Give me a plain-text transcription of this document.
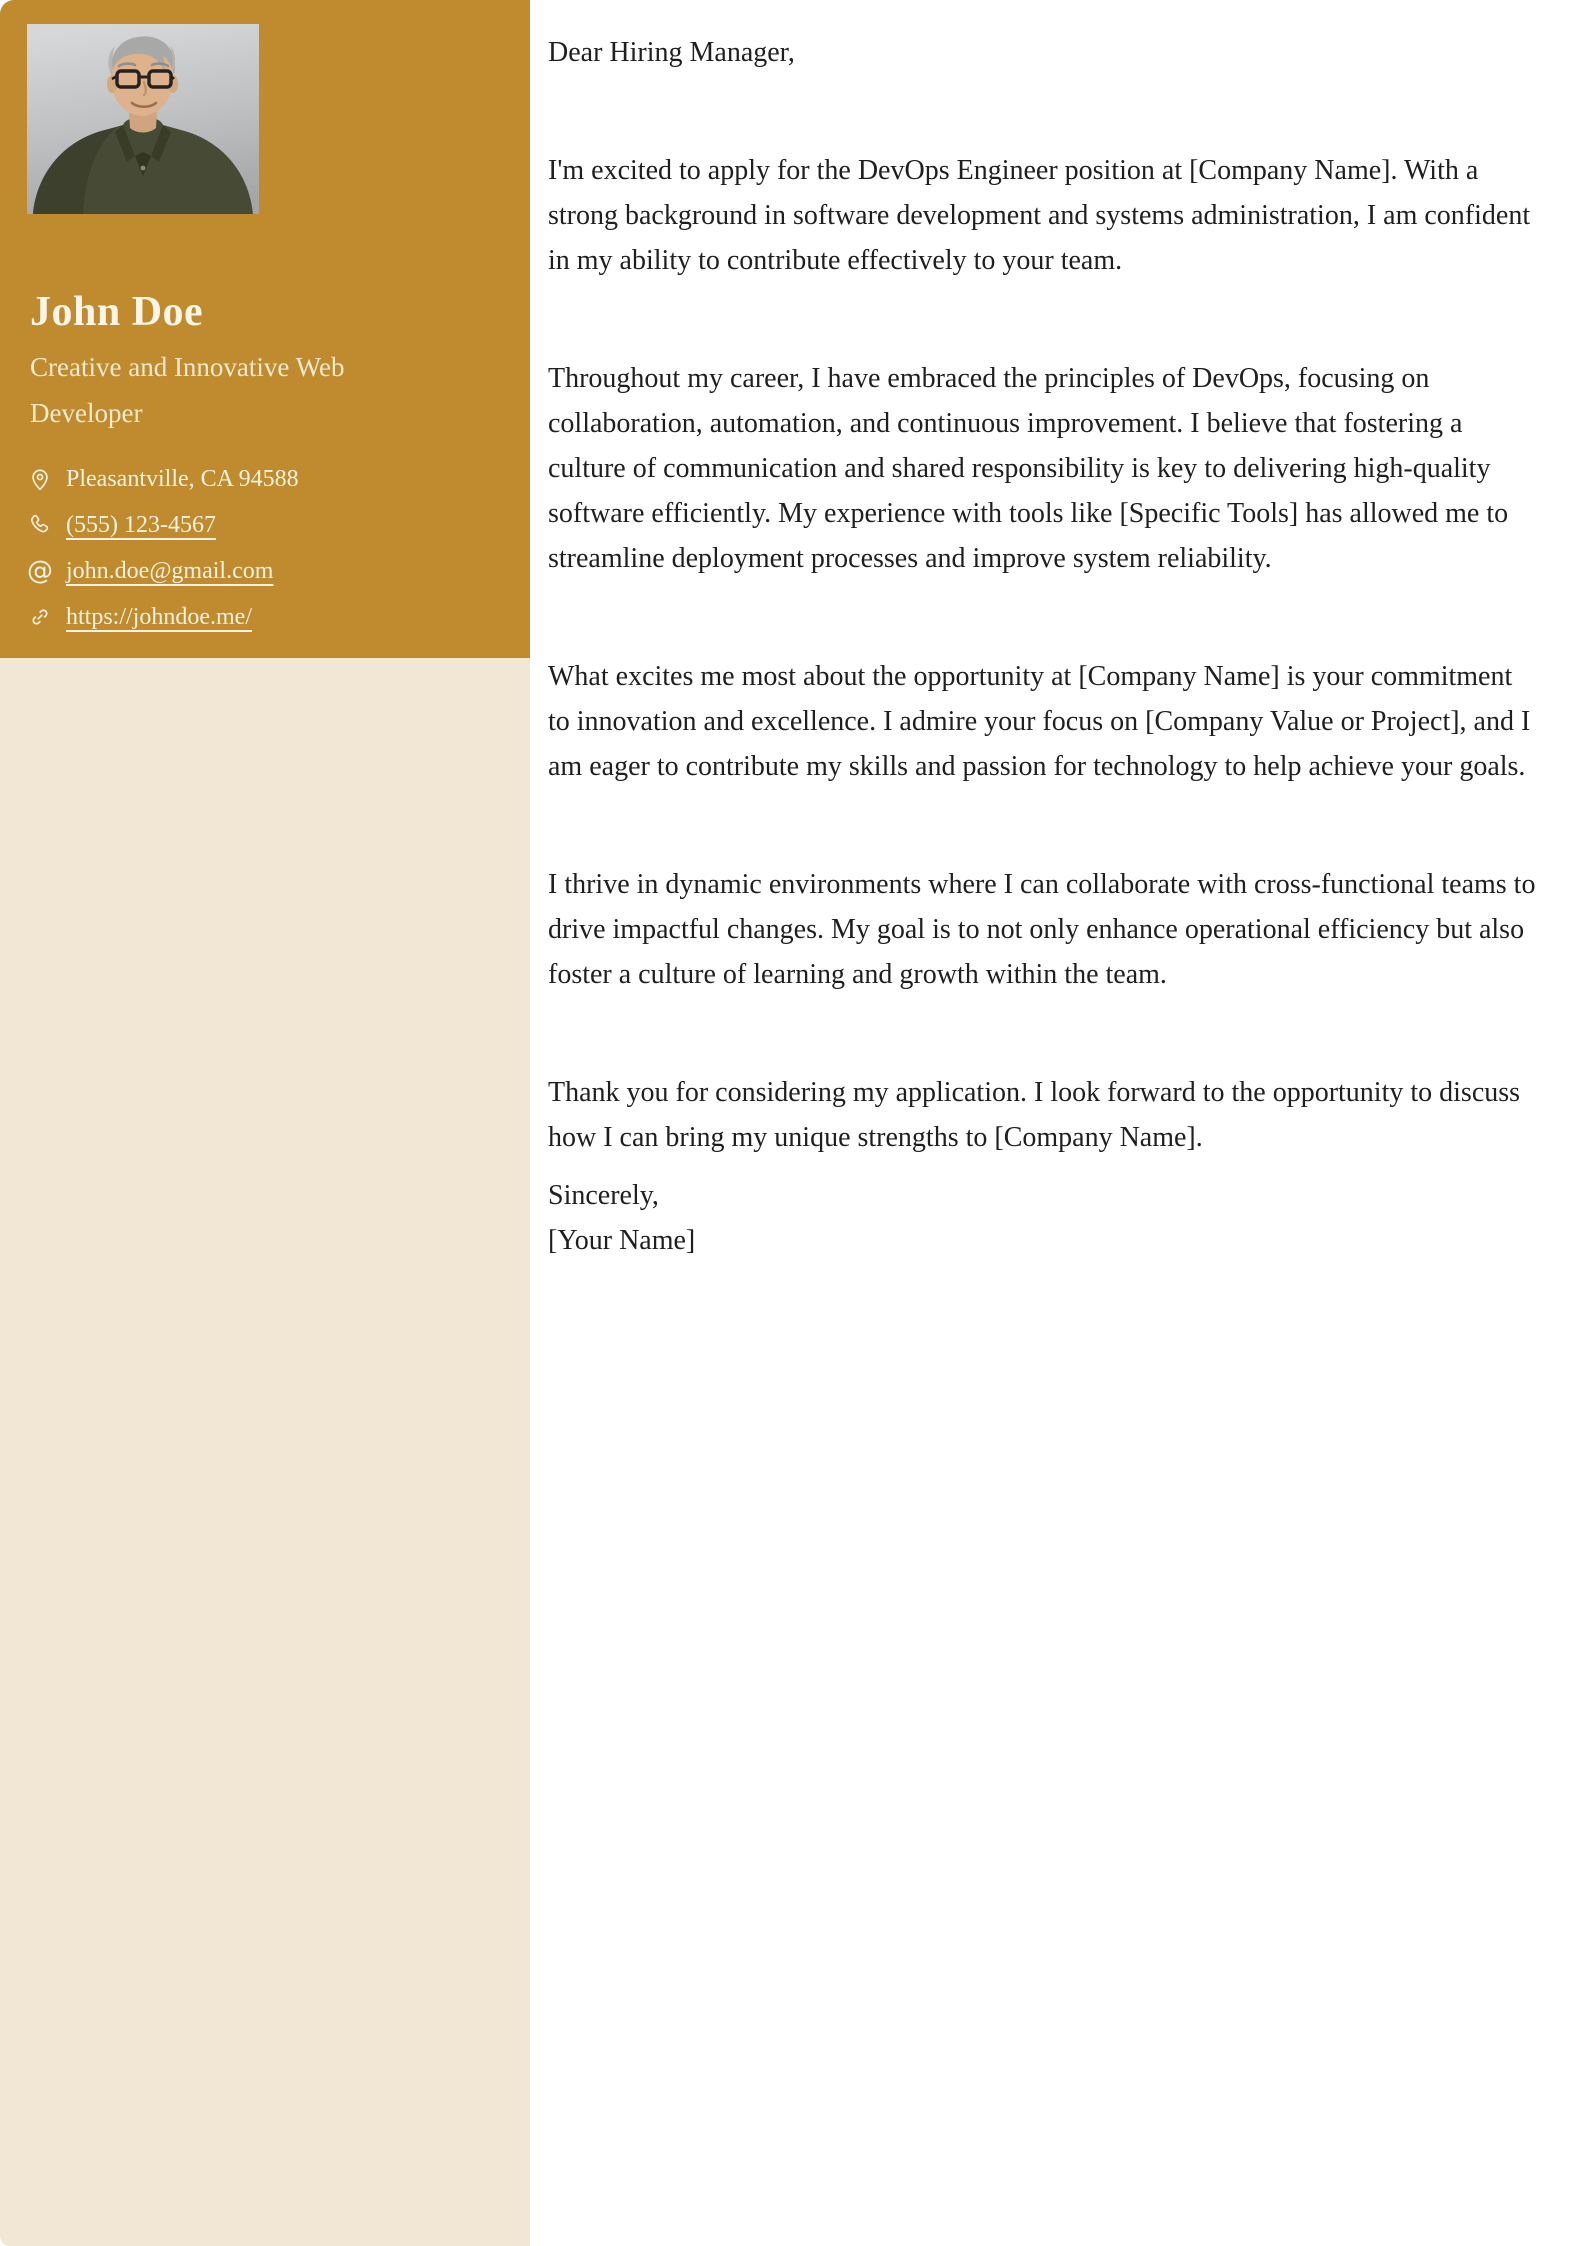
John Doe
Creative and Innovative Web Developer
Pleasantville, CA 94588
(555) 123-4567
@ john.doe@gmail.com
https://johndoe.me/
Dear Hiring Manager,

I'm excited to apply for the DevOps Engineer position at [Company Name]. With a strong background in software development and systems administration, I am confident in my ability to contribute effectively to your team.

Throughout my career, I have embraced the principles of DevOps, focusing on collaboration, automation, and continuous improvement. I believe that fostering a culture of communication and shared responsibility is key to delivering high-quality software efficiently. My experience with tools like [Specific Tools] has allowed me to streamline deployment processes and improve system reliability.

What excites me most about the opportunity at [Company Name] is your commitment to innovation and excellence. I admire your focus on [Company Value or Project], and I am eager to contribute my skills and passion for technology to help achieve your goals.

I thrive in dynamic environments where I can collaborate with cross-functional teams to drive impactful changes. My goal is to not only enhance operational efficiency but also foster a culture of learning and growth within the team.

Thank you for considering my application. I look forward to the opportunity to discuss how I can bring my unique strengths to [Company Name].

Sincerely,
[Your Name]
